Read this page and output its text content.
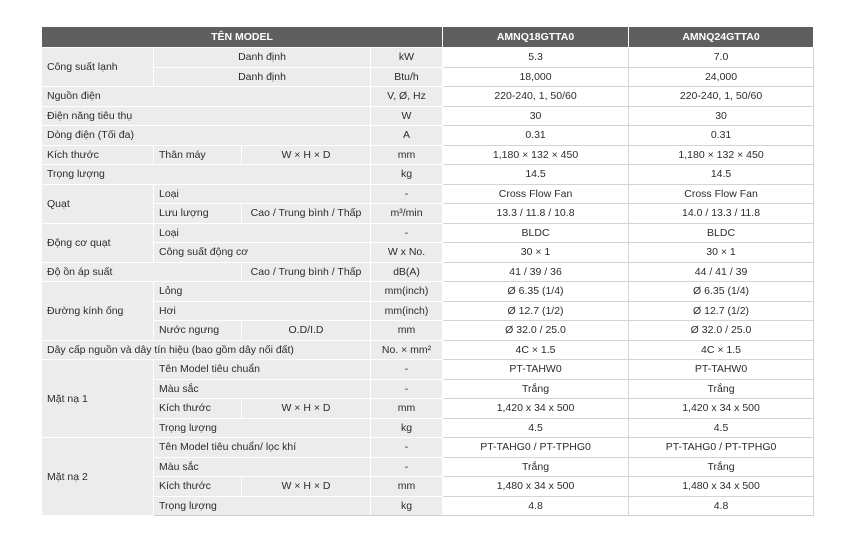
TÊN MODEL				AMNQ18GTTA0	AMNQ24GTTA0
Công suất lạnh	Danh định		kW	5.3	7.0
	Danh định		Btu/h	18,000	24,000
Nguồn điện			V, Ø, Hz	220-240, 1, 50/60	220-240, 1, 50/60
Điện năng tiêu thụ			W	30	30
Dòng điện (Tối đa)			A	0.31	0.31
Kích thước	Thân máy	W × H × D	mm	1,180 × 132 × 450	1,180 × 132 × 450
Trọng lượng			kg	14.5	14.5
Quạt	Loại		-	Cross Flow Fan	Cross Flow Fan
	Lưu lượng	Cao / Trung bình / Thấp	m³/min	13.3 / 11.8 / 10.8	14.0 / 13.3 / 11.8
Động cơ quạt	Loại		-	BLDC	BLDC
	Công suất động cơ		W x No.	30 × 1	30 × 1
Độ ồn áp suất		Cao / Trung bình / Thấp	dB(A)	41 / 39 / 36	44 / 41 / 39
Đường kính ống	Lỏng		mm(inch)	Ø 6.35 (1/4)	Ø 6.35 (1/4)
	Hơi		mm(inch)	Ø 12.7 (1/2)	Ø 12.7 (1/2)
	Nước ngưng	O.D/I.D	mm	Ø 32.0 / 25.0	Ø 32.0 / 25.0
Dây cấp nguồn và dây tín hiệu (bao gồm dây nối đất)			No. × mm²	4C × 1.5	4C × 1.5
Mặt nạ 1	Tên Model tiêu chuẩn		-	PT-TAHW0	PT-TAHW0
	Màu sắc		-	Trắng	Trắng
	Kích thước	W × H × D	mm	1,420 x 34 x 500	1,420 x 34 x 500
	Trọng lượng		kg	4.5	4.5
Mặt nạ 2	Tên Model tiêu chuẩn/ lọc khí		-	PT-TAHG0 / PT-TPHG0	PT-TAHG0 / PT-TPHG0
	Màu sắc		-	Trắng	Trắng
	Kích thước	W × H × D	mm	1,480 x 34 x 500	1,480 x 34 x 500
	Trọng lượng		kg	4.8	4.8
